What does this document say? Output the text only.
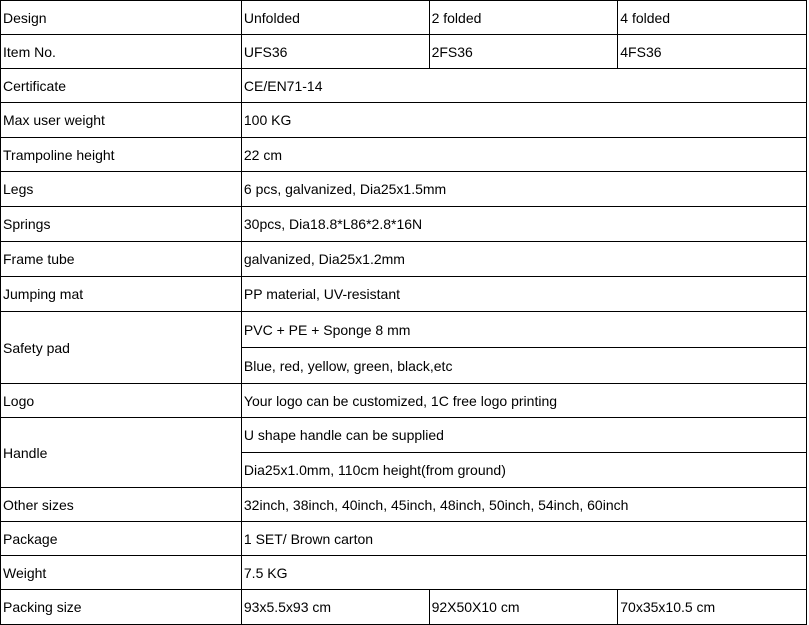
Design	Unfolded	2 folded	4 folded
Item No.	UFS36	2FS36	4FS36
Certificate	CE/EN71-14		
Max user weight	100 KG		
Trampoline height	22 cm		
Legs	6 pcs, galvanized, Dia25x1.5mm		
Springs	30pcs, Dia18.8*L86*2.8*16N		
Frame tube	galvanized, Dia25x1.2mm		
Jumping mat	PP material, UV-resistant		
Safety pad	PVC + PE + Sponge 8 mm		
	Blue, red, yellow, green, black,etc		
Logo	Your logo can be customized, 1C free logo printing		
Handle	U shape handle can be supplied		
	Dia25x1.0mm, 110cm height(from ground)		
Other sizes	32inch, 38inch, 40inch, 45inch, 48inch, 50inch, 54inch, 60inch		
Package	1 SET/ Brown carton		
Weight	7.5 KG		
Packing size	93x5.5x93 cm	92X50X10 cm	70x35x10.5 cm
